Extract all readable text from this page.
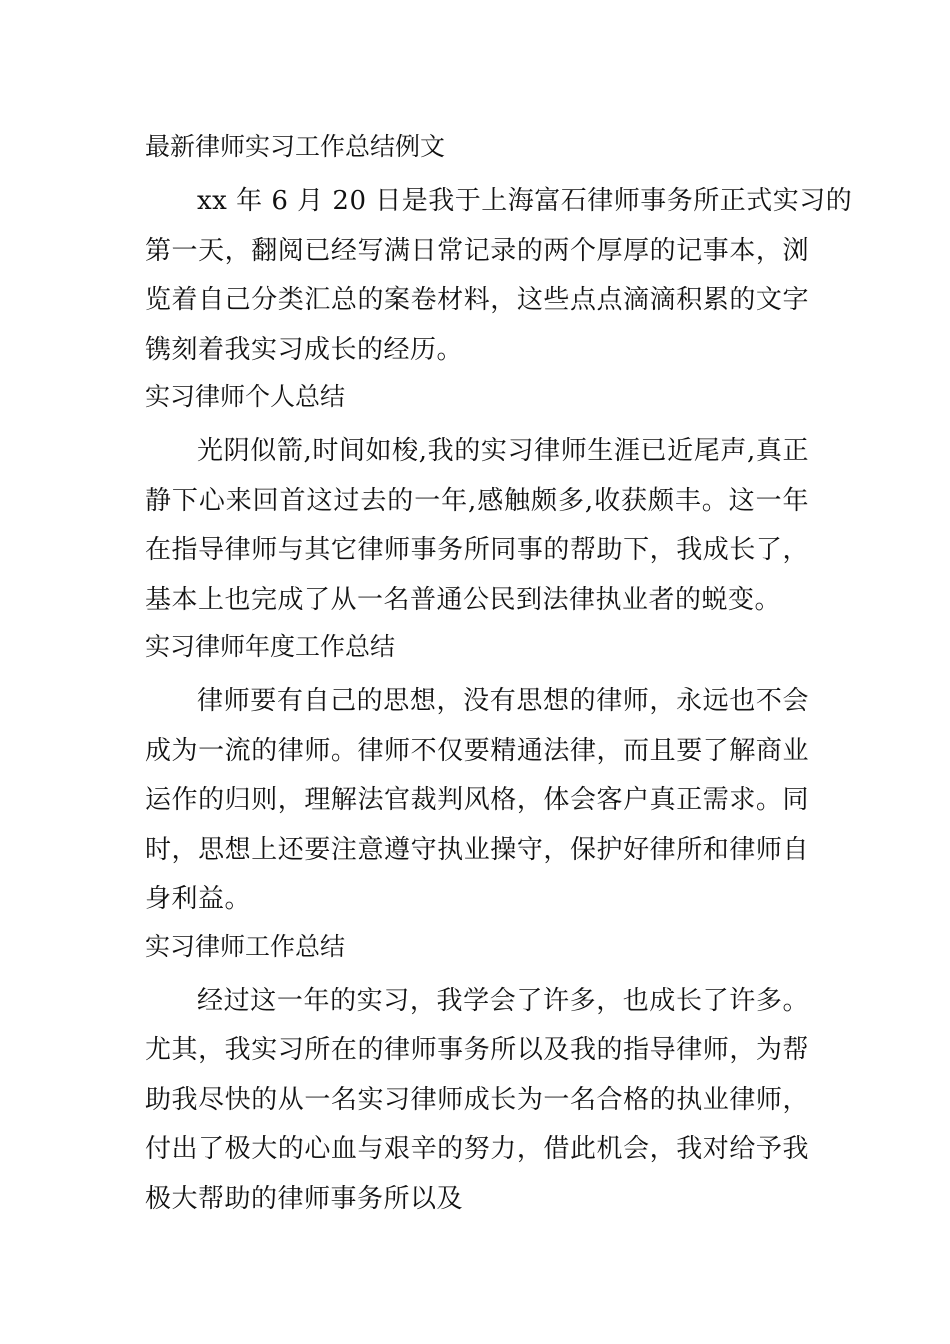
最新律师实习工作总结例文
xx 年 6 月 20 日是我于上海富石律师事务所正式实习的
第一天，翻阅已经写满日常记录的两个厚厚的记事本，浏
览着自己分类汇总的案卷材料，这些点点滴滴积累的文字
镌刻着我实习成长的经历。
实习律师个人总结
光阴似箭,时间如梭,我的实习律师生涯已近尾声,真正
静下心来回首这过去的一年,感触颇多,收获颇丰。这一年
在指导律师与其它律师事务所同事的帮助下，我成长了，
基本上也完成了从一名普通公民到法律执业者的蜕变。
实习律师年度工作总结
律师要有自己的思想，没有思想的律师，永远也不会
成为一流的律师。律师不仅要精通法律，而且要了解商业
运作的归则，理解法官裁判风格，体会客户真正需求。同
时，思想上还要注意遵守执业操守，保护好律所和律师自
身利益。
实习律师工作总结
经过这一年的实习，我学会了许多，也成长了许多。
尤其，我实习所在的律师事务所以及我的指导律师，为帮
助我尽快的从一名实习律师成长为一名合格的执业律师，
付出了极大的心血与艰辛的努力，借此机会，我对给予我
极大帮助的律师事务所以及
